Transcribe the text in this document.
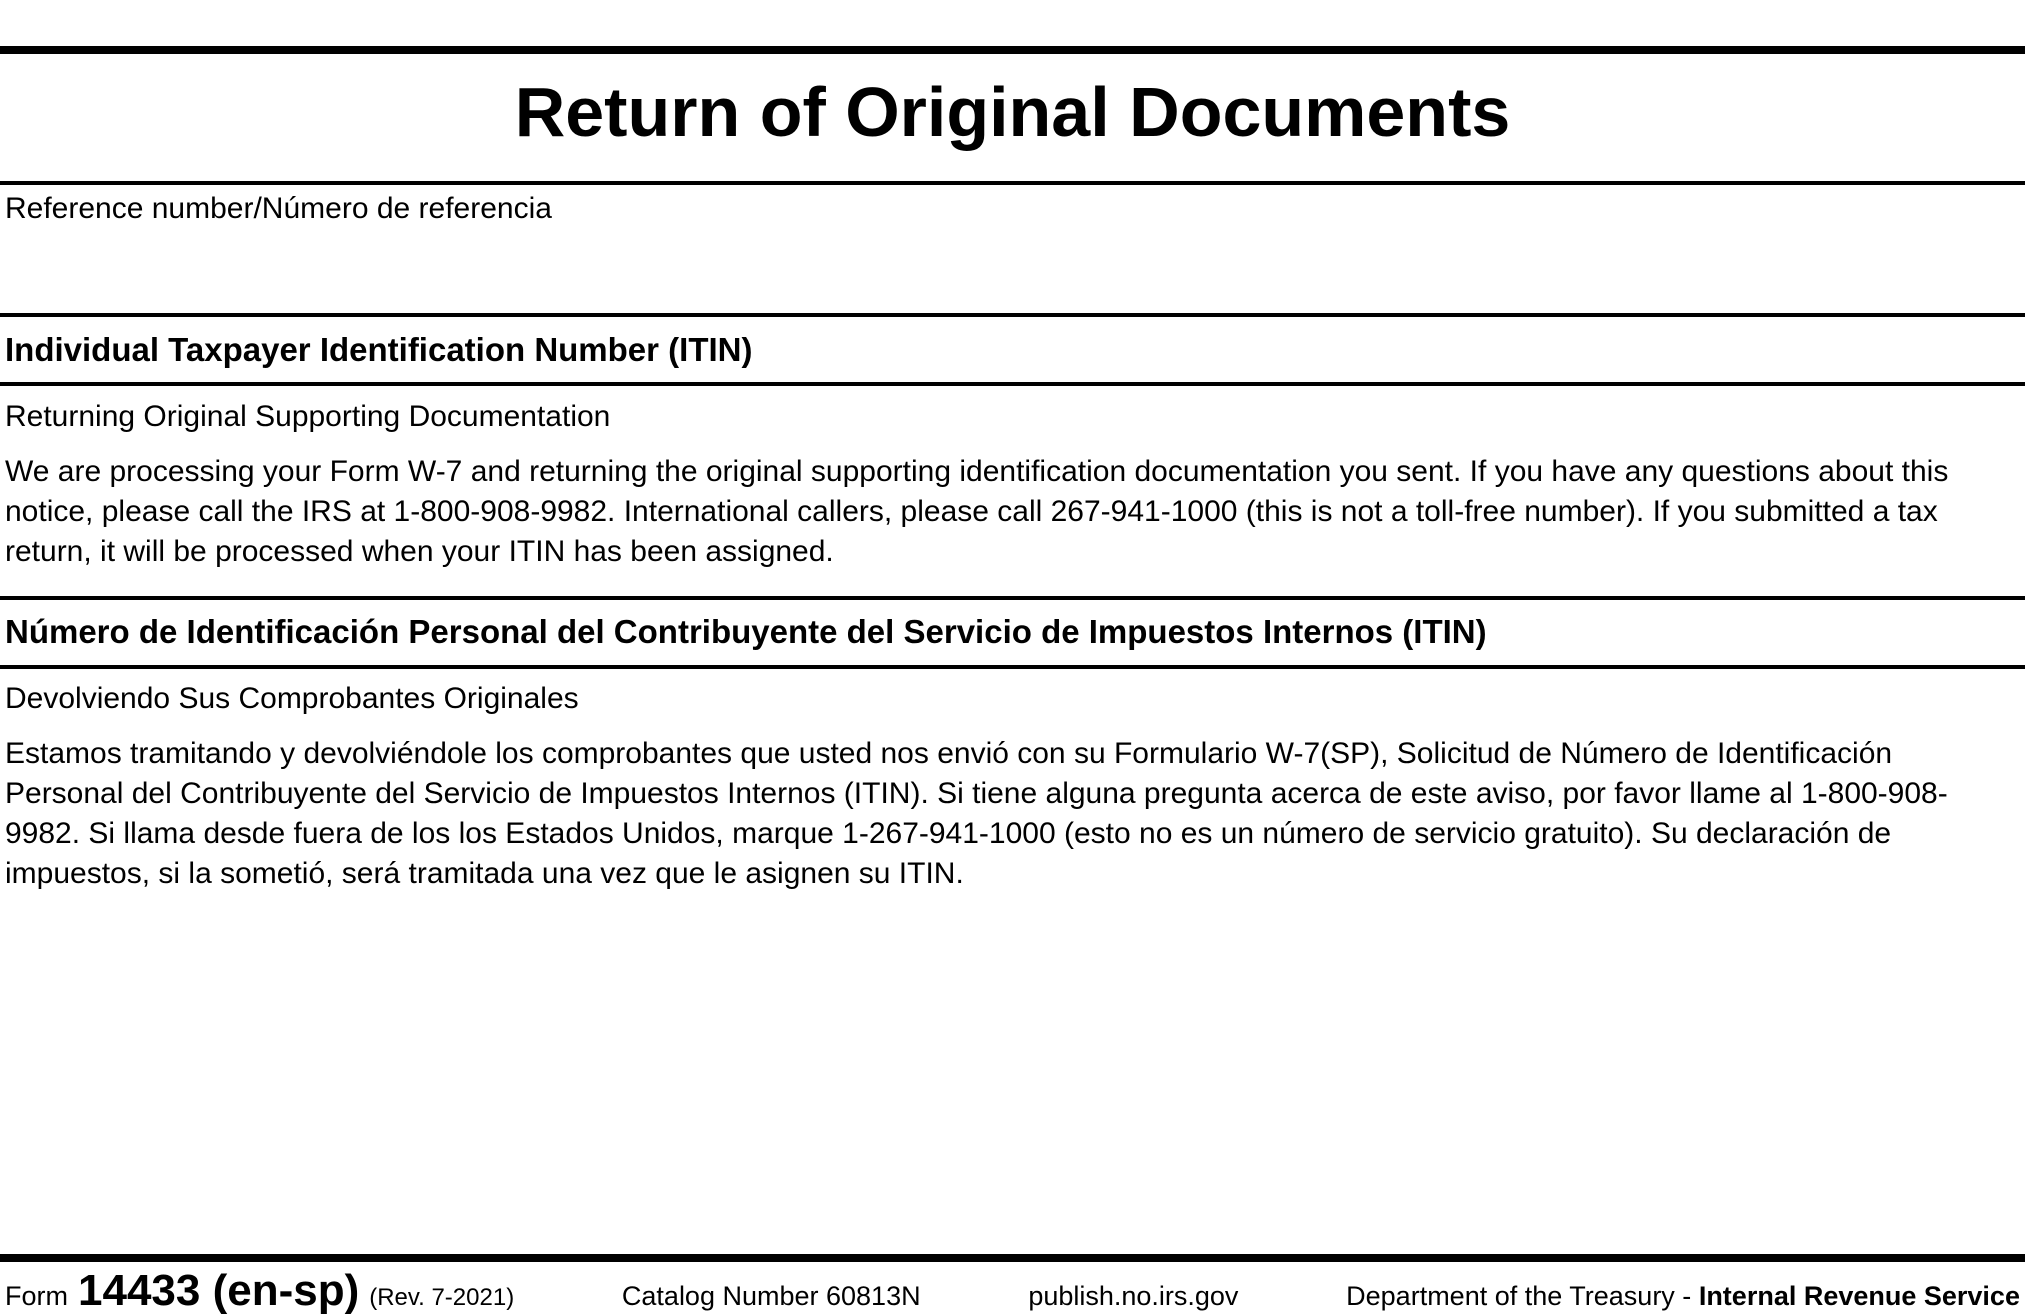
Return of Original Documents

Reference number/Número de referencia

Individual Taxpayer Identification Number (ITIN)

Returning Original Supporting Documentation

We are processing your Form W-7 and returning the original supporting identification documentation you sent. If you have any questions about this notice, please call the IRS at 1-800-908-9982. International callers, please call 267-941-1000 (this is not a toll-free number). If you submitted a tax return, it will be processed when your ITIN has been assigned.

Número de Identificación Personal del Contribuyente del Servicio de Impuestos Internos (ITIN)

Devolviendo Sus Comprobantes Originales

Estamos tramitando y devolviéndole los comprobantes que usted nos envió con su Formulario W-7(SP), Solicitud de Número de Identificación Personal del Contribuyente del Servicio de Impuestos Internos (ITIN). Si tiene alguna pregunta acerca de este aviso, por favor llame al 1-800-908-9982. Si llama desde fuera de los los Estados Unidos, marque 1-267-941-1000 (esto no es un número de servicio gratuito). Su declaración de impuestos, si la sometió, será tramitada una vez que le asignen su ITIN.

Form 14433 (en-sp) (Rev. 7-2021)	Catalog Number 60813N	publish.no.irs.gov	Department of the Treasury - Internal Revenue Service
